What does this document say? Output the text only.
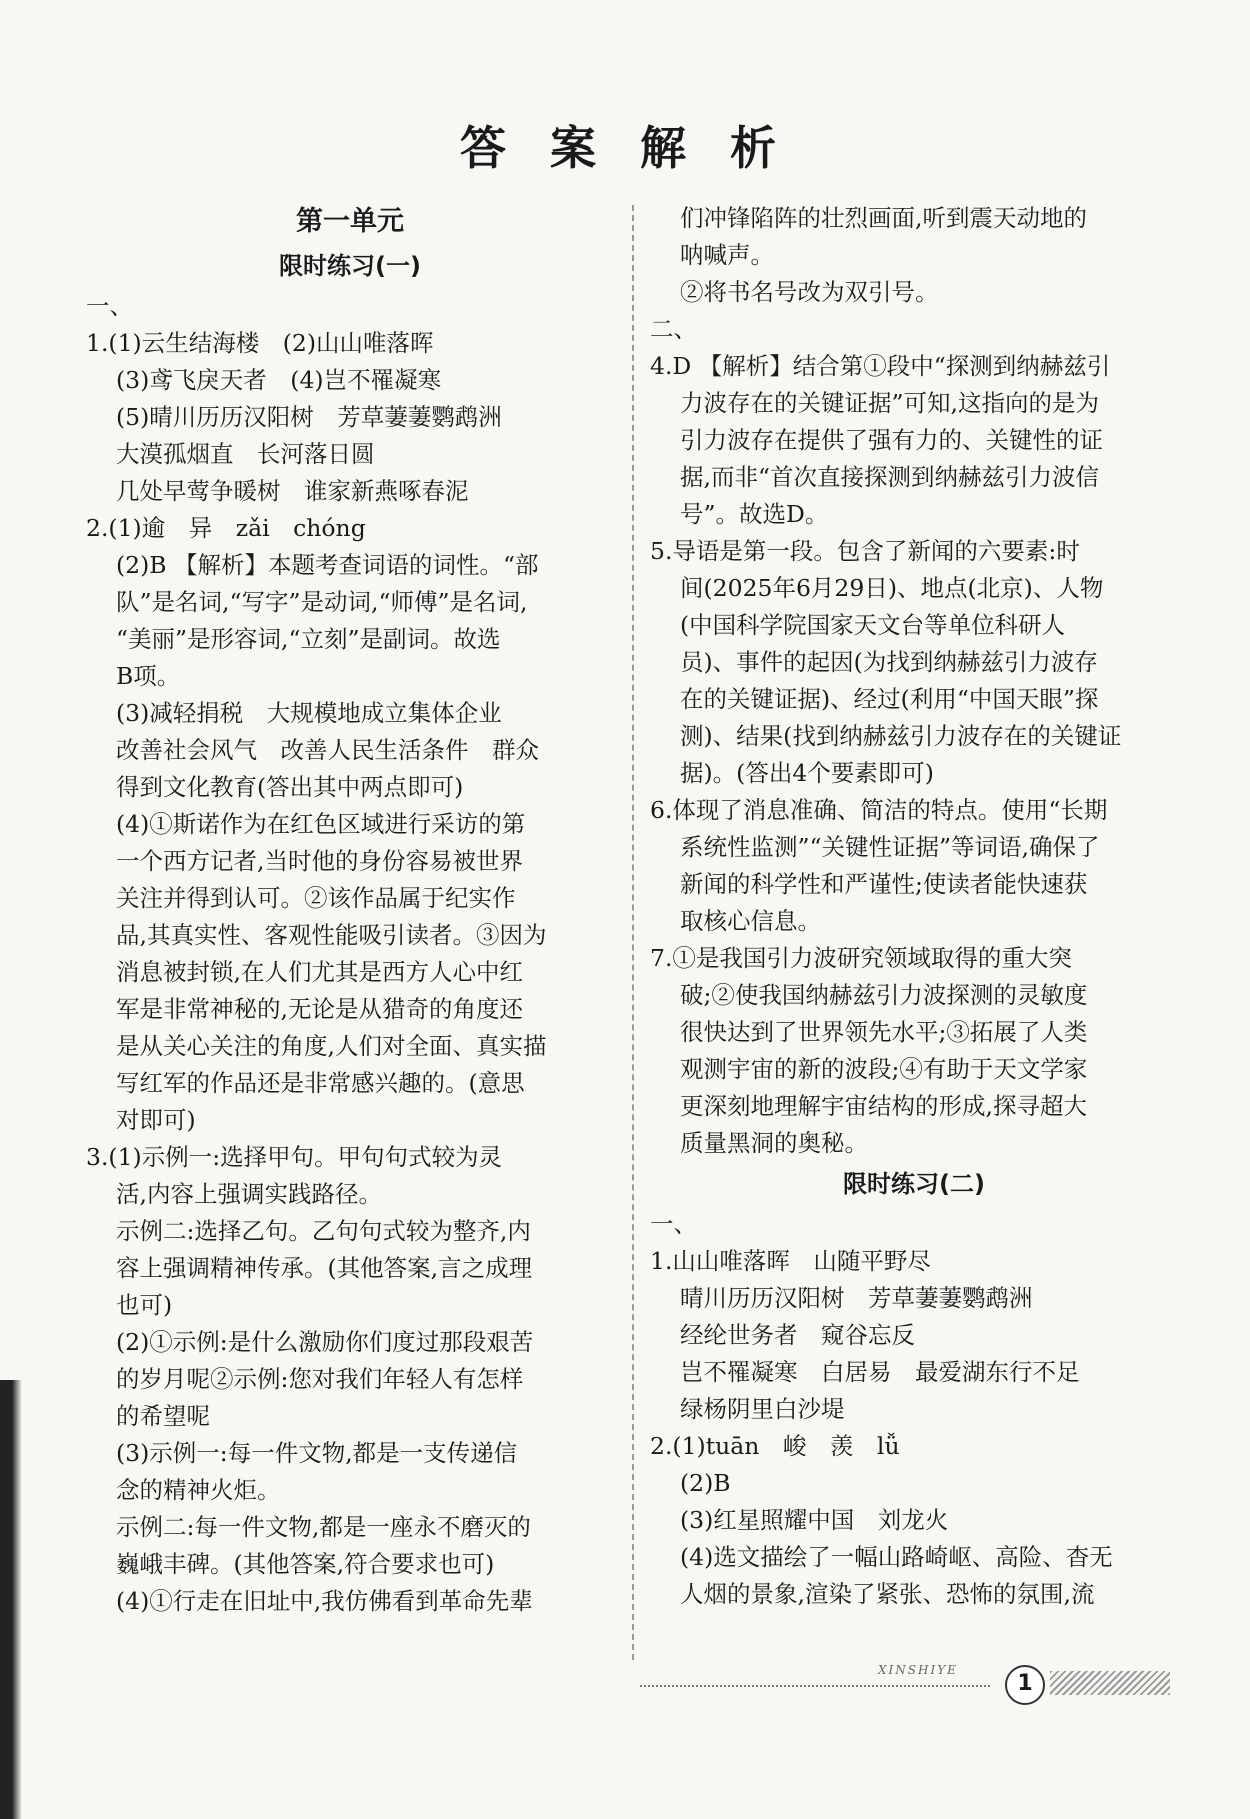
答 案 解 析
第一单元
限时练习(一)
一、
1.(1)云生结海楼　(2)山山唯落晖
(3)鸢飞戾天者　(4)岂不罹凝寒
(5)晴川历历汉阳树　芳草萋萋鹦鹉洲
大漠孤烟直　长河落日圆
几处早莺争暖树　谁家新燕啄春泥
2.(1)逾　异　zǎi　chóng
(2)B 【解析】本题考查词语的词性。“部
队”是名词,“写字”是动词,“师傅”是名词,
“美丽”是形容词,“立刻”是副词。故选
B项。
(3)减轻捐税　大规模地成立集体企业
改善社会风气　改善人民生活条件　群众
得到文化教育(答出其中两点即可)
(4)①斯诺作为在红色区域进行采访的第
一个西方记者,当时他的身份容易被世界
关注并得到认可。②该作品属于纪实作
品,其真实性、客观性能吸引读者。③因为
消息被封锁,在人们尤其是西方人心中红
军是非常神秘的,无论是从猎奇的角度还
是从关心关注的角度,人们对全面、真实描
写红军的作品还是非常感兴趣的。(意思
对即可)
3.(1)示例一:选择甲句。甲句句式较为灵
活,内容上强调实践路径。
示例二:选择乙句。乙句句式较为整齐,内
容上强调精神传承。(其他答案,言之成理
也可)
(2)①示例:是什么激励你们度过那段艰苦
的岁月呢②示例:您对我们年轻人有怎样
的希望呢
(3)示例一:每一件文物,都是一支传递信
念的精神火炬。
示例二:每一件文物,都是一座永不磨灭的
巍峨丰碑。(其他答案,符合要求也可)
(4)①行走在旧址中,我仿佛看到革命先辈
们冲锋陷阵的壮烈画面,听到震天动地的
呐喊声。
②将书名号改为双引号。
二、
4.D 【解析】结合第①段中“探测到纳赫兹引
力波存在的关键证据”可知,这指向的是为
引力波存在提供了强有力的、关键性的证
据,而非“首次直接探测到纳赫兹引力波信
号”。故选D。
5.导语是第一段。包含了新闻的六要素:时
间(2025年6月29日)、地点(北京)、人物
(中国科学院国家天文台等单位科研人
员)、事件的起因(为找到纳赫兹引力波存
在的关键证据)、经过(利用“中国天眼”探
测)、结果(找到纳赫兹引力波存在的关键证
据)。(答出4个要素即可)
6.体现了消息准确、简洁的特点。使用“长期
系统性监测”“关键性证据”等词语,确保了
新闻的科学性和严谨性;使读者能快速获
取核心信息。
7.①是我国引力波研究领域取得的重大突
破;②使我国纳赫兹引力波探测的灵敏度
很快达到了世界领先水平;③拓展了人类
观测宇宙的新的波段;④有助于天文学家
更深刻地理解宇宙结构的形成,探寻超大
质量黑洞的奥秘。
限时练习(二)
一、
1.山山唯落晖　山随平野尽
晴川历历汉阳树　芳草萋萋鹦鹉洲
经纶世务者　窥谷忘反
岂不罹凝寒　白居易　最爱湖东行不足
绿杨阴里白沙堤
2.(1)tuān　峻　羡　lǚ
(2)B
(3)红星照耀中国　刘龙火
(4)选文描绘了一幅山路崎岖、高险、杳无
人烟的景象,渲染了紧张、恐怖的氛围,流
XINSHIYE
1
